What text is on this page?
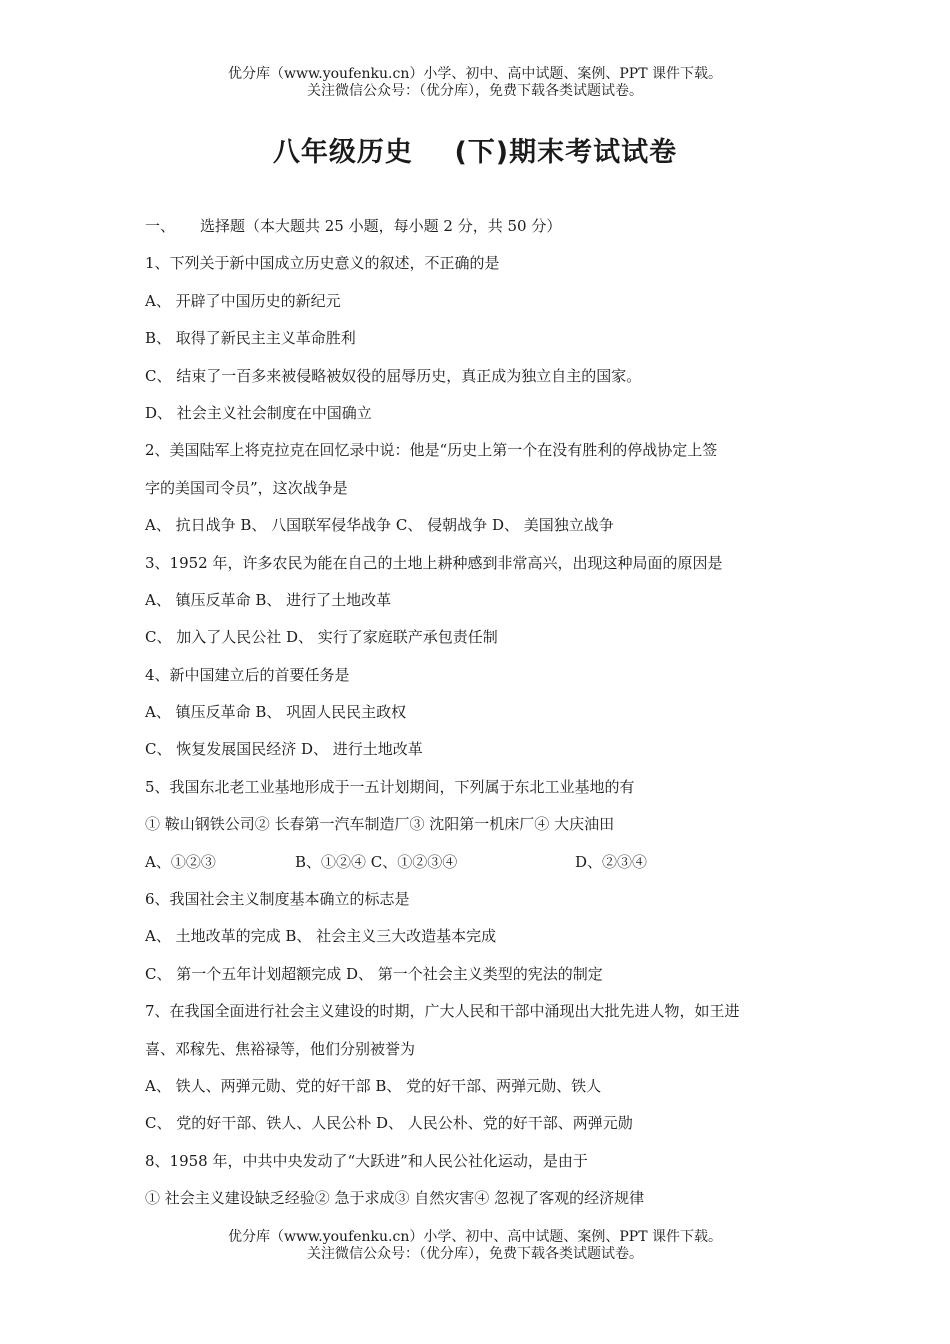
优分库（www.youfenku.cn）小学、初中、高中试题、案例、PPT 课件下载。
关注微信公众号：（优分库），免费下载各类试题试卷。
八年级历史    (下)期末考试试卷
一、 选择题（本大题共 25 小题，每小题 2 分，共 50 分）
1、下列关于新中国成立历史意义的叙述，不正确的是
A、 开辟了中国历史的新纪元
B、 取得了新民主主义革命胜利
C、 结束了一百多来被侵略被奴役的屈辱历史，真正成为独立自主的国家。
D、 社会主义社会制度在中国确立
2、美国陆军上将克拉克在回忆录中说：他是“历史上第一个在没有胜利的停战协定上签
字的美国司令员”，这次战争是
A、 抗日战争 B、 八国联军侵华战争 C、 侵朝战争 D、 美国独立战争
3、1952 年，许多农民为能在自己的土地上耕种感到非常高兴，出现这种局面的原因是
A、 镇压反革命 B、 进行了土地改革
C、 加入了人民公社 D、 实行了家庭联产承包责任制
4、新中国建立后的首要任务是
A、 镇压反革命 B、 巩固人民民主政权
C、 恢复发展国民经济 D、 进行土地改革
5、我国东北老工业基地形成于一五计划期间，下列属于东北工业基地的有
① 鞍山钢铁公司② 长春第一汽车制造厂③ 沈阳第一机床厂④ 大庆油田
A、①②③	B、①②④ C、①②③④	D、②③④
6、我国社会主义制度基本确立的标志是
A、 土地改革的完成 B、 社会主义三大改造基本完成
C、 第一个五年计划超额完成 D、 第一个社会主义类型的宪法的制定
7、在我国全面进行社会主义建设的时期，广大人民和干部中涌现出大批先进人物，如王进
喜、邓稼先、焦裕禄等，他们分别被誉为
A、 铁人、两弹元勋、党的好干部 B、 党的好干部、两弹元勋、铁人
C、 党的好干部、铁人、人民公朴 D、 人民公朴、党的好干部、两弹元勋
8、1958 年，中共中央发动了“大跃进”和人民公社化运动，是由于
① 社会主义建设缺乏经验② 急于求成③ 自然灾害④ 忽视了客观的经济规律
优分库（www.youfenku.cn）小学、初中、高中试题、案例、PPT 课件下载。
关注微信公众号：（优分库），免费下载各类试题试卷。
